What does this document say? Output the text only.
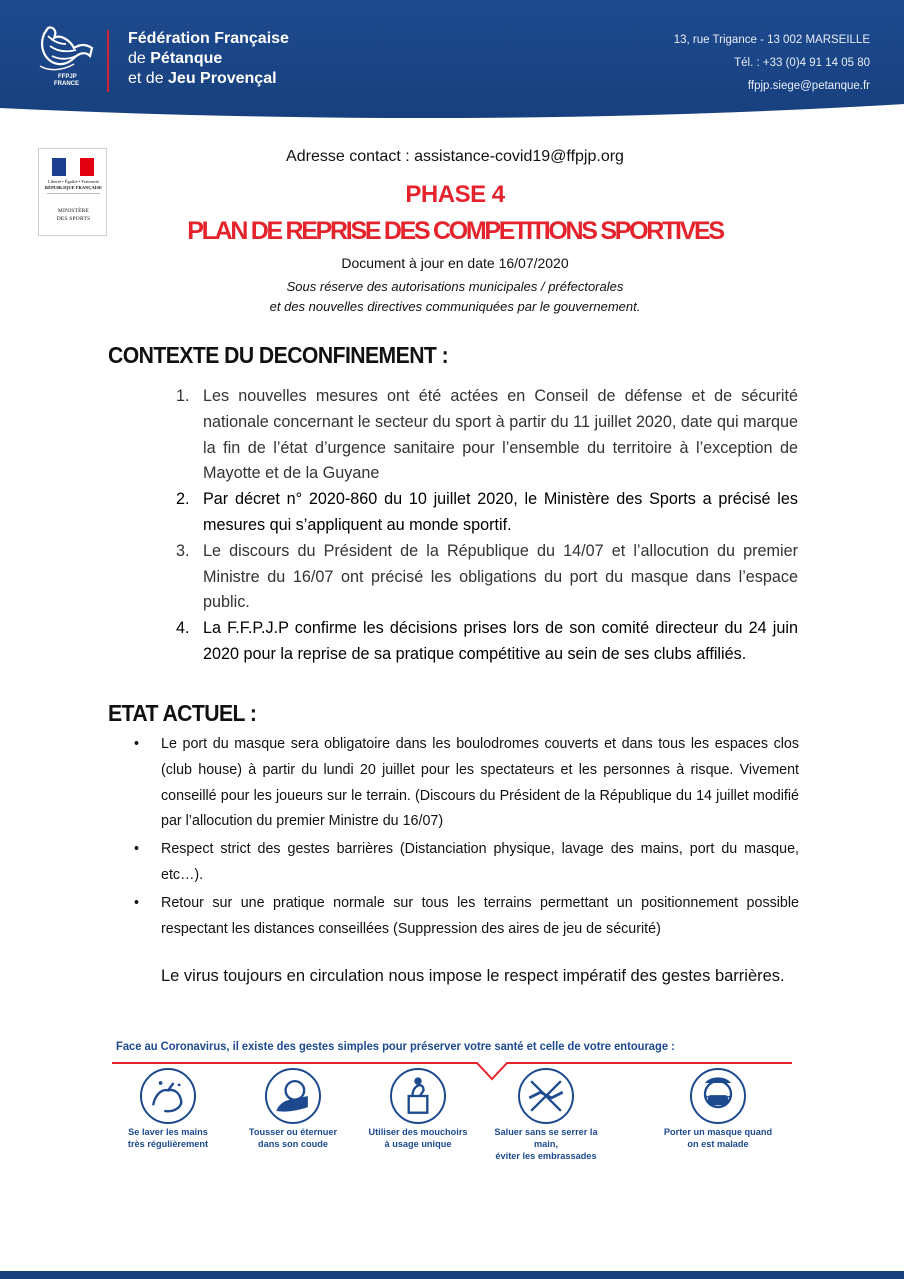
FFPJP
FRANCE
Fédération Française
de Pétanque
et de Jeu Provençal
13, rue Trigance - 13 002 MARSEILLE
Tél. : +33 (0)4 91 14 05 80
ffpjp.siege@petanque.fr
Liberté • Égalité • Fraternité
RÉPUBLIQUE FRANÇAISE
MINISTÈRE
DES SPORTS
Adresse contact : assistance-covid19@ffpjp.org
PHASE 4
PLAN DE REPRISE DES COMPETITIONS SPORTIVES
Document à jour en date 16/07/2020
Sous réserve des autorisations municipales / préfectorales
et des nouvelles directives communiquées par le gouvernement.
CONTEXTE DU DECONFINEMENT :
1. Les nouvelles mesures ont été actées en Conseil de défense et de sécurité nationale concernant le secteur du sport à partir du 11 juillet 2020, date qui marque la fin de l’état d’urgence sanitaire pour l’ensemble du territoire à l’exception de Mayotte et de la Guyane
2. Par décret n° 2020-860 du 10 juillet 2020, le Ministère des Sports a précisé les mesures qui s’appliquent au monde sportif.
3. Le discours du Président de la République du 14/07 et l’allocution du premier Ministre du 16/07 ont précisé les obligations du port du masque dans l’espace public.
4. La F.F.P.J.P confirme les décisions prises lors de son comité directeur du 24 juin 2020 pour la reprise de sa pratique compétitive au sein de ses clubs affiliés.
ETAT ACTUEL :
• Le port du masque sera obligatoire dans les boulodromes couverts et dans tous les espaces clos (club house) à partir du lundi 20 juillet pour les spectateurs et les personnes à risque. Vivement conseillé pour les joueurs sur le terrain. (Discours du Président de la République du 14 juillet modifié par l’allocution du premier Ministre du 16/07)
• Respect strict des gestes barrières (Distanciation physique, lavage des mains, port du masque, etc…).
• Retour sur une pratique normale sur tous les terrains permettant un positionnement possible respectant les distances conseillées (Suppression des aires de jeu de sécurité)
Le virus toujours en circulation nous impose le respect impératif des gestes barrières.
Face au Coronavirus, il existe des gestes simples pour préserver votre santé et celle de votre entourage :
Se laver les mains
très régulièrement
Tousser ou éternuer
dans son coude
Utiliser des mouchoirs
à usage unique
Saluer sans se serrer la main,
éviter les embrassades
Porter un masque quand
on est malade
